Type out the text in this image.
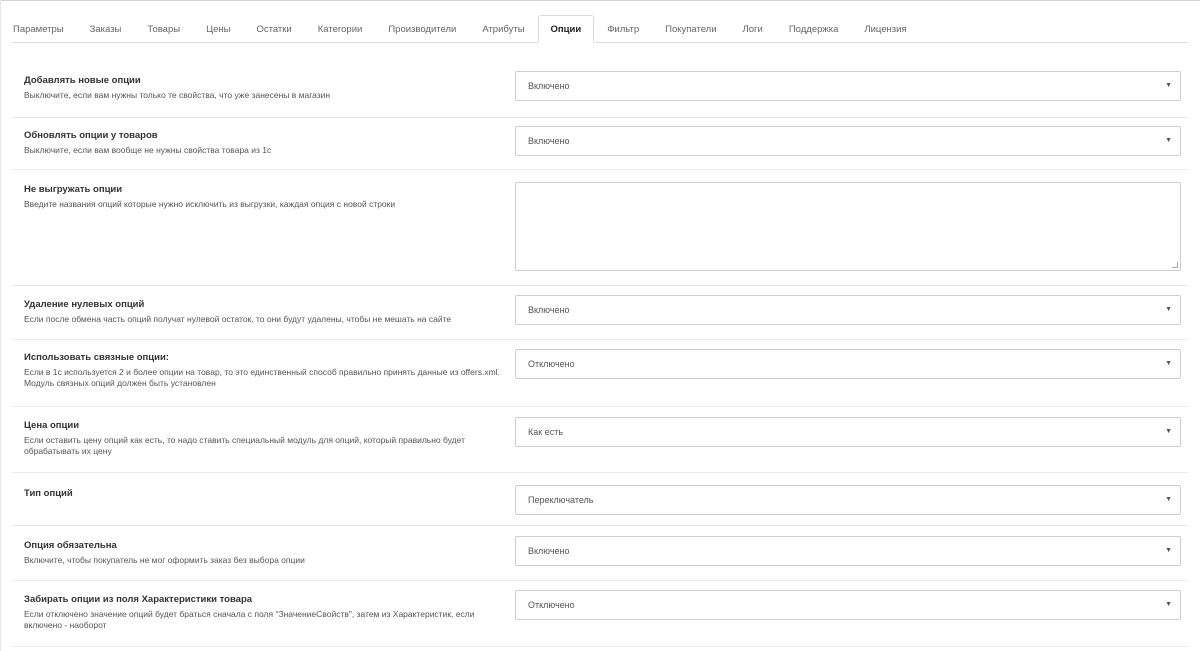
Параметры	Заказы	Товары	Цены	Остатки	Категории	Производители	Атрибуты	Опции	Фильтр	Покупатели	Логи	Поддержка	Лицензия
Добавлять новые опции
Выключите, если вам нужны только те свойства, что уже занесены в магазин
Включено	▼
Обновлять опции у товаров
Выключите, если вам вообще не нужны свойства товара из 1с
Включено	▼
Не выгружать опции
Введите названия опций которые нужно исключить из выгрузки, каждая опция с новой строки
Удаление нулевых опций
Если после обмена часть опций получат нулевой остаток, то они будут удалены, чтобы не мешать на сайте
Включено	▼
Использовать связные опции:
Если в 1с используется 2 и более опции на товар, то это единственный способ правильно принять данные из offers.xml. Модуль связных опций должен быть установлен
Отключено	▼
Цена опции
Если оставить цену опций как есть, то надо ставить специальный модуль для опций, который правильно будет обрабатывать их цену
Как есть	▼
Тип опций
Переключатель	▼
Опция обязательна
Включите, чтобы покупатель не мог оформить заказ без выбора опции
Включено	▼
Забирать опции из поля Характеристики товара
Если отключено значение опций будет браться сначала с поля "ЗначениеСвойств", затем из Характеристик, если включено - наоборот
Отключено	▼
